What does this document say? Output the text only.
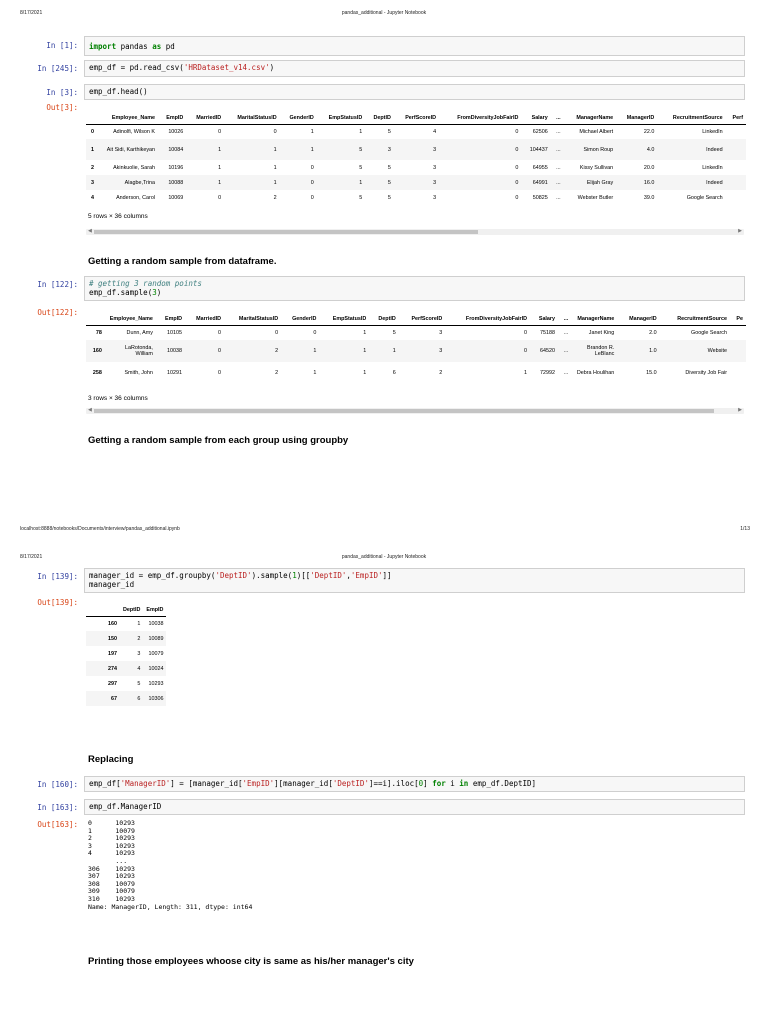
8/17/2021	pandas_additional - Jupyter Notebook
In [1]:	import pandas as pd
In [245]:	emp_df = pd.read_csv('HRDataset_v14.csv')
In [3]:	emp_df.head()
Out[3]:
	Employee_Name	EmpID	MarriedID	MaritalStatusID	GenderID	EmpStatusID	DeptID	PerfScoreID	FromDiversityJobFairID	Salary	...	ManagerName	ManagerID	RecruitmentSource	Perf
0	Adinolfi, Wilson K	10026	0	0	1	1	5	4	0	62506	...	Michael Albert	22.0	LinkedIn	
1	Ait Sidi, Karthikeyan	10084	1	1	1	5	3	3	0	104437	...	Simon Roup	4.0	Indeed	
2	Akinkuolie, Sarah	10196	1	1	0	5	5	3	0	64955	...	Kissy Sullivan	20.0	LinkedIn	
3	Alagbe,Trina	10088	1	1	0	1	5	3	0	64991	...	Elijah Gray	16.0	Indeed	
4	Anderson, Carol	10069	0	2	0	5	5	3	0	50825	...	Webster Butler	39.0	Google Search	
5 rows × 36 columns
◀	▶
Getting a random sample from dataframe.
In [122]: # getting 3 random points
emp_df.sample(3)
Out[122]:
	Employee_Name	EmpID	MarriedID	MaritalStatusID	GenderID	EmpStatusID	DeptID	PerfScoreID	FromDiversityJobFairID	Salary	...	ManagerName	ManagerID	RecruitmentSource	Pe
78	Dunn, Amy	10105	0	0	0	1	5	3	0	75188	...	Janet King	2.0	Google Search	
160	LaRotonda, William	10038	0	2	1	1	1	3	0	64520	...	Brandon R. LeBlanc	1.0	Website	
258	Smith, John	10291	0	2	1	1	6	2	1	72992	...	Debra Houlihan	15.0	Diversity Job Fair	
3 rows × 36 columns
◀	▶
Getting a random sample from each group using groupby
localhost:8888/notebooks/Documents/interview/pandas_additional.ipynb	1/13
8/17/2021	pandas_additional - Jupyter Notebook
In [139]: manager_id = emp_df.groupby('DeptID').sample(1)[['DeptID','EmpID']]
manager_id
Out[139]:
	DeptID	EmpID
160	1	10038
150	2	10089
197	3	10079
274	4	10024
297	5	10293
67	6	10306
Replacing
In [160]:	emp_df['ManagerID'] = [manager_id['EmpID'][manager_id['DeptID']==i].iloc[0] for i in emp_df.DeptID]
In [163]:	emp_df.ManagerID
Out[163]: 0      10293
1      10079
2      10293
3      10293
4      10293
...
306    10293
307    10293
308    10079
309    10079
310    10293
Name: ManagerID, Length: 311, dtype: int64
Printing those employees whoose city is same as his/her manager's city
